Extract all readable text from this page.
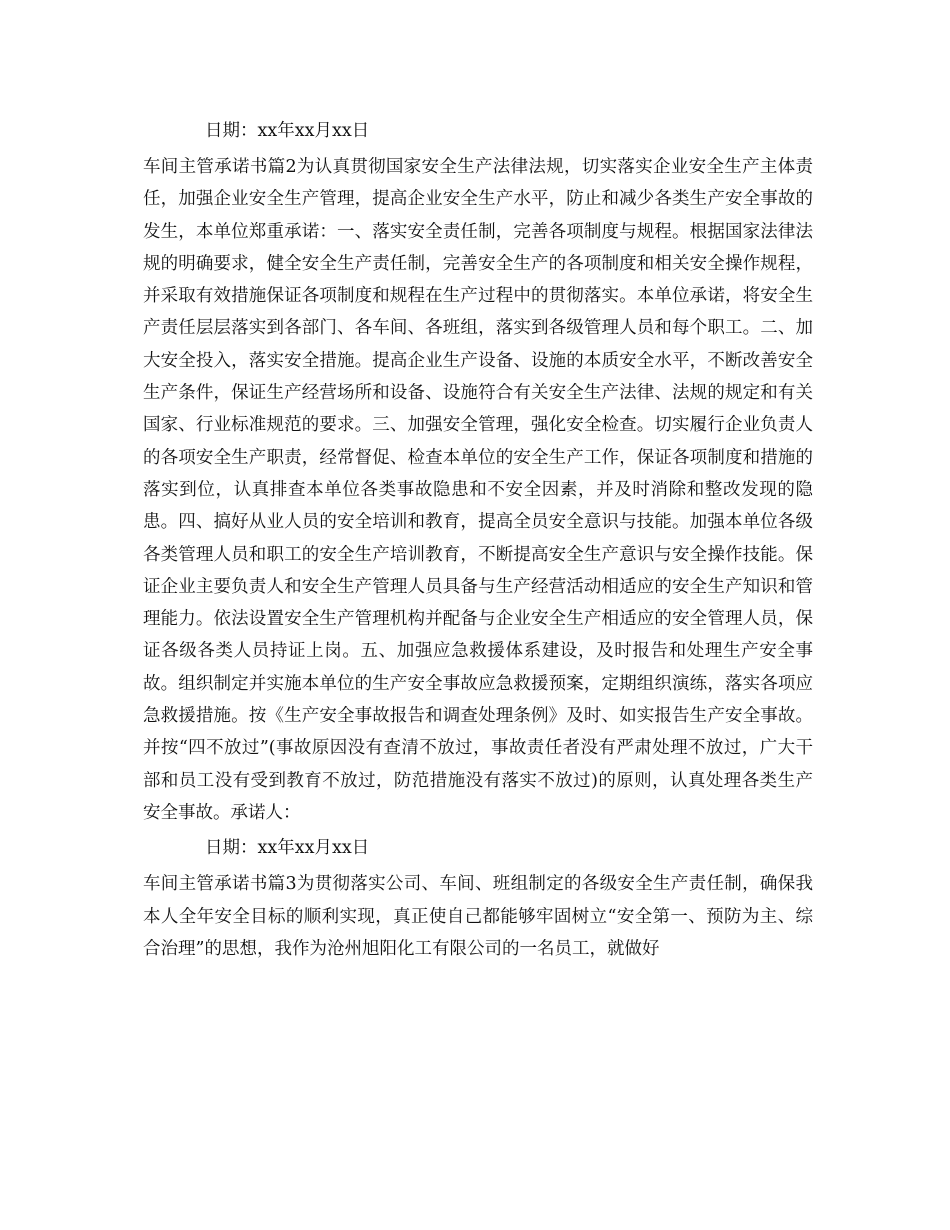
日期：xx年xx月xx日

车间主管承诺书篇2为认真贯彻国家安全生产法律法规，切实落实企业安全生产主体责任，加强企业安全生产管理，提高企业安全生产水平，防止和减少各类生产安全事故的发生，本单位郑重承诺：一、落实安全责任制，完善各项制度与规程。根据国家法律法规的明确要求，健全安全生产责任制，完善安全生产的各项制度和相关安全操作规程，并采取有效措施保证各项制度和规程在生产过程中的贯彻落实。本单位承诺，将安全生产责任层层落实到各部门、各车间、各班组，落实到各级管理人员和每个职工。二、加大安全投入，落实安全措施。提高企业生产设备、设施的本质安全水平，不断改善安全生产条件，保证生产经营场所和设备、设施符合有关安全生产法律、法规的规定和有关国家、行业标准规范的要求。三、加强安全管理，强化安全检查。切实履行企业负责人的各项安全生产职责，经常督促、检查本单位的安全生产工作，保证各项制度和措施的落实到位，认真排查本单位各类事故隐患和不安全因素，并及时消除和整改发现的隐患。四、搞好从业人员的安全培训和教育，提高全员安全意识与技能。加强本单位各级各类管理人员和职工的安全生产培训教育，不断提高安全生产意识与安全操作技能。保证企业主要负责人和安全生产管理人员具备与生产经营活动相适应的安全生产知识和管理能力。依法设置安全生产管理机构并配备与企业安全生产相适应的安全管理人员，保证各级各类人员持证上岗。五、加强应急救援体系建设，及时报告和处理生产安全事故。组织制定并实施本单位的生产安全事故应急救援预案，定期组织演练，落实各项应急救援措施。按《生产安全事故报告和调查处理条例》及时、如实报告生产安全事故。并按“四不放过”(事故原因没有查清不放过，事故责任者没有严肃处理不放过，广大干部和员工没有受到教育不放过，防范措施没有落实不放过)的原则，认真处理各类生产安全事故。承诺人：

日期：xx年xx月xx日

车间主管承诺书篇3为贯彻落实公司、车间、班组制定的各级安全生产责任制，确保我本人全年安全目标的顺利实现，真正使自己都能够牢固树立“安全第一、预防为主、综合治理”的思想，我作为沧州旭阳化工有限公司的一名员工，就做好
